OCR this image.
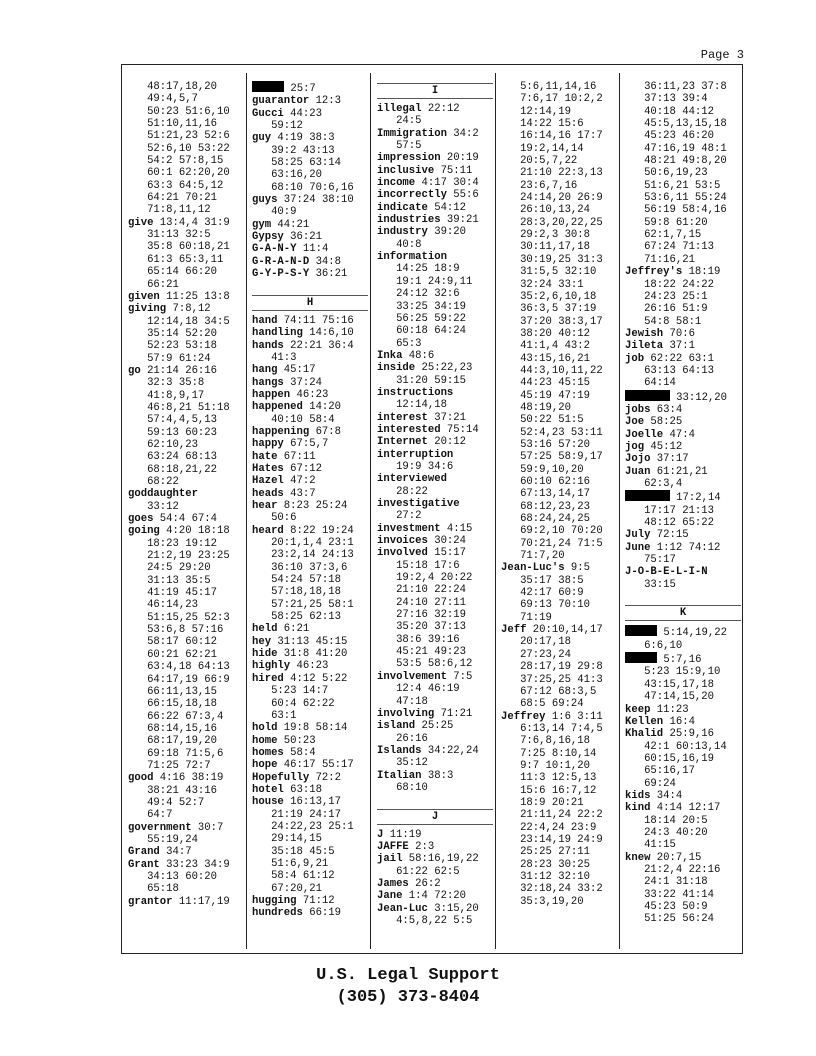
Page 3
48:17,18,20
49:4,5,7
50:23 51:6,10
51:10,11,16
51:21,23 52:6
52:6,10 53:22
54:2 57:8,15
60:1 62:20,20
63:3 64:5,12
64:21 70:21
71:8,11,12
give 13:4,4 31:9
31:13 32:5
35:8 60:18,21
61:3 65:3,11
65:14 66:20
66:21
given 11:25 13:8
giving 7:8,12
12:14,18 34:5
35:14 52:20
52:23 53:18
57:9 61:24
go 21:14 26:16
32:3 35:8
41:8,9,17
46:8,21 51:18
57:4,4,5,13
59:13 60:23
62:10,23
63:24 68:13
68:18,21,22
68:22
goddaughter
33:12
goes 54:4 67:4
going 4:20 18:18
18:23 19:12
21:2,19 23:25
24:5 29:20
31:13 35:5
41:19 45:17
46:14,23
51:15,25 52:3
53:6,8 57:16
58:17 60:12
60:21 62:21
63:4,18 64:13
64:17,19 66:9
66:11,13,15
66:15,18,18
66:22 67:3,4
68:14,15,16
68:17,19,20
69:18 71:5,6
71:25 72:7
good 4:16 38:19
38:21 43:16
49:4 52:7
64:7
government 30:7
55:19,24
Grand 34:7
Grant 33:23 34:9
34:13 60:20
65:18
grantor 11:17,19
25:7
guarantor 12:3
Gucci 44:23
59:12
guy 4:19 38:3
39:2 43:13
58:25 63:14
63:16,20
68:10 70:6,16
guys 37:24 38:10
40:9
gym 44:21
Gypsy 36:21
G-A-N-Y 11:4
G-R-A-N-D 34:8
G-Y-P-S-Y 36:21

H
hand 74:11 75:16
handling 14:6,10
hands 22:21 36:4
41:3
hang 45:17
hangs 37:24
happen 46:23
happened 14:20
40:10 58:4
happening 67:8
happy 67:5,7
hate 67:11
Hates 67:12
Hazel 47:2
heads 43:7
hear 8:23 25:24
50:6
heard 8:22 19:24
20:1,1,4 23:1
23:2,14 24:13
36:10 37:3,6
54:24 57:18
57:18,18,18
57:21,25 58:1
58:25 62:13
held 6:21
hey 31:13 45:15
hide 31:8 41:20
highly 46:23
hired 4:12 5:22
5:23 14:7
60:4 62:22
63:1
hold 19:8 58:14
home 50:23
homes 58:4
hope 46:17 55:17
Hopefully 72:2
hotel 63:18
house 16:13,17
21:19 24:17
24:22,23 25:1
29:14,15
35:18 45:5
51:6,9,21
58:4 61:12
67:20,21
hugging 71:12
hundreds 66:19
I
illegal 22:12
24:5
Immigration 34:2
57:5
impression 20:19
inclusive 75:11
income 4:17 30:4
incorrectly 55:6
indicate 54:12
industries 39:21
industry 39:20
40:8
information
14:25 18:9
19:1 24:9,11
24:12 32:6
33:25 34:19
56:25 59:22
60:18 64:24
65:3
Inka 48:6
inside 25:22,23
31:20 59:15
instructions
12:14,18
interest 37:21
interested 75:14
Internet 20:12
interruption
19:9 34:6
interviewed
28:22
investigative
27:2
investment 4:15
invoices 30:24
involved 15:17
15:18 17:6
19:2,4 20:22
21:10 22:24
24:10 27:11
27:16 32:19
35:20 37:13
38:6 39:16
45:21 49:23
53:5 58:6,12
involvement 7:5
12:4 46:19
47:18
involving 71:21
island 25:25
26:16
Islands 34:22,24
35:12
Italian 38:3
68:10

J
J 11:19
JAFFE 2:3
jail 58:16,19,22
61:22 62:5
James 26:2
Jane 1:4 72:20
Jean-Luc 3:15,20
4:5,8,22 5:5
5:6,11,14,16
7:6,17 10:2,2
12:14,19
14:22 15:6
16:14,16 17:7
19:2,14,14
20:5,7,22
21:10 22:3,13
23:6,7,16
24:14,20 26:9
26:10,13,24
28:3,20,22,25
29:2,3 30:8
30:11,17,18
30:19,25 31:3
31:5,5 32:10
32:24 33:1
35:2,6,10,18
36:3,5 37:19
37:20 38:3,17
38:20 40:12
41:1,4 43:2
43:15,16,21
44:3,10,11,22
44:23 45:15
45:19 47:19
48:19,20
50:22 51:5
52:4,23 53:11
53:16 57:20
57:25 58:9,17
59:9,10,20
60:10 62:16
67:13,14,17
68:12,23,23
68:24,24,25
69:2,10 70:20
70:21,24 71:5
71:7,20
Jean-Luc's 9:5
35:17 38:5
42:17 60:9
69:13 70:10
71:19
Jeff 20:10,14,17
20:17,18
27:23,24
28:17,19 29:8
37:25,25 41:3
67:12 68:3,5
68:5 69:24
Jeffrey 1:6 3:11
6:13,14 7:4,5
7:6,8,16,18
7:25 8:10,14
9:7 10:1,20
11:3 12:5,13
15:6 16:7,12
18:9 20:21
21:11,24 22:2
22:4,24 23:9
23:14,19 24:9
25:25 27:11
28:23 30:25
31:12 32:10
32:18,24 33:2
35:3,19,20
36:11,23 37:8
37:13 39:4
40:18 44:12
45:5,13,15,18
45:23 46:20
47:16,19 48:1
48:21 49:8,20
50:6,19,23
51:6,21 53:5
53:6,11 55:24
56:19 58:4,16
59:8 61:20
62:1,7,15
67:24 71:13
71:16,21
Jeffrey's 18:19
18:22 24:22
24:23 25:1
26:16 51:9
54:8 58:1
Jewish 70:6
Jileta 37:1
job 62:22 63:1
63:13 64:13
64:14
33:12,20
jobs 63:4
Joe 58:25
Joelle 47:4
jog 45:12
Jojo 37:17
Juan 61:21,21
62:3,4
17:2,14
17:17 21:13
48:12 65:22
July 72:15
June 1:12 74:12
75:17
J-O-B-E-L-I-N
33:15

K
5:14,19,22
6:6,10
5:7,16
5:23 15:9,10
43:15,17,18
47:14,15,20
keep 11:23
Kellen 16:4
Khalid 25:9,16
42:1 60:13,14
60:15,16,19
65:16,17
69:24
kids 34:4
kind 4:14 12:17
18:14 20:5
24:3 40:20
41:15
knew 20:7,15
21:2,4 22:16
24:1 31:18
33:22 41:14
45:23 50:9
51:25 56:24
U.S. Legal Support
(305) 373-8404
